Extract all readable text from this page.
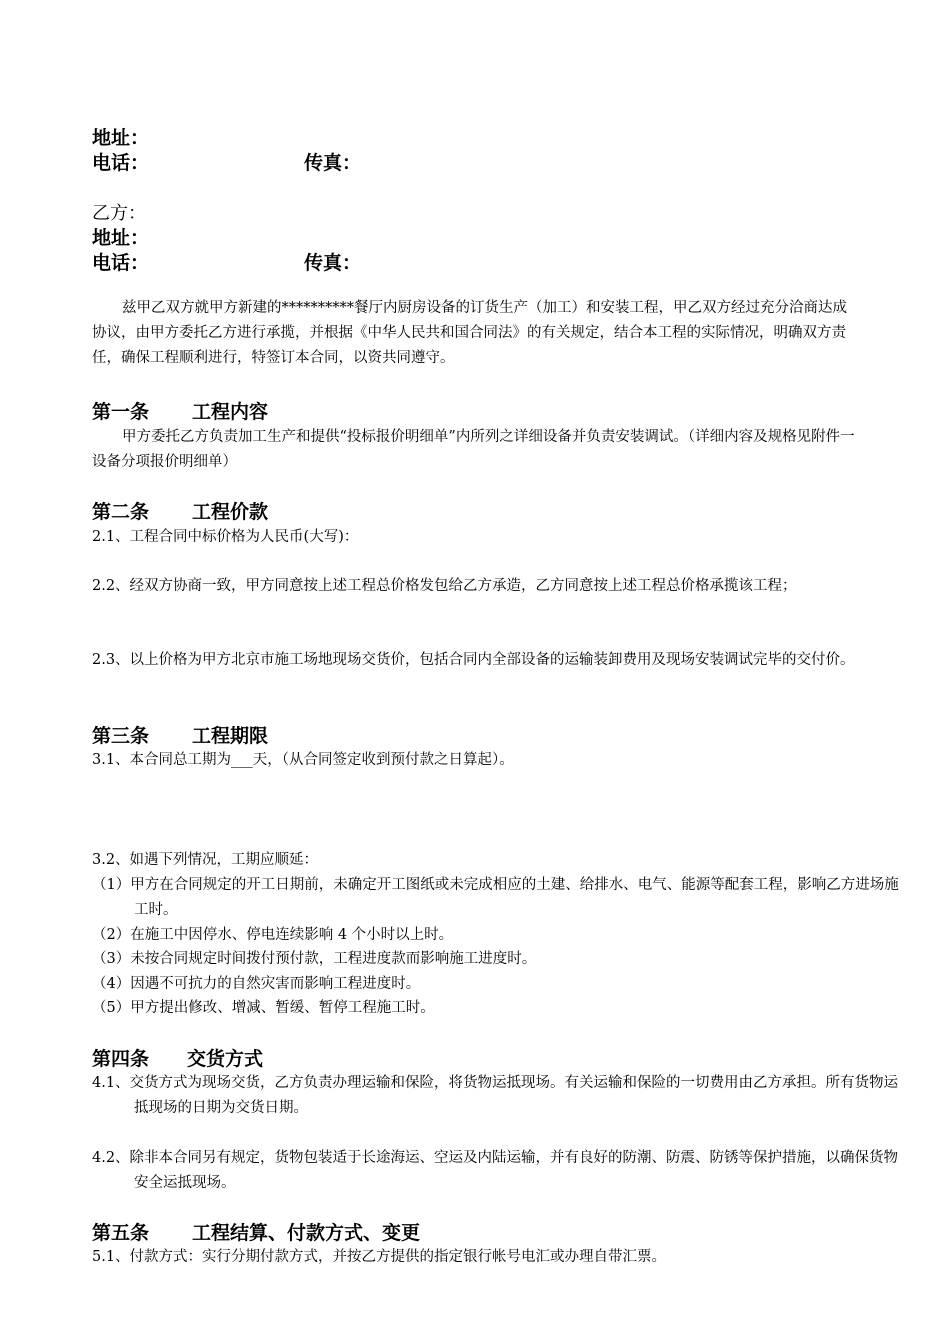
地址：
电话：	传真：
乙方：
地址：
电话：	传真：
兹甲乙双方就甲方新建的**********餐厅内厨房设备的订货生产（加工）和安装工程，甲乙双方经过充分洽商达成协议，由甲方委托乙方进行承揽，并根据《中华人民共和国合同法》的有关规定，结合本工程的实际情况，明确双方责任，确保工程顺利进行，特签订本合同，以资共同遵守。
第一条 工程内容
甲方委托乙方负责加工生产和提供“投标报价明细单”内所列之详细设备并负责安装调试。（详细内容及规格见附件一设备分项报价明细单）
第二条 工程价款
2.1、工程合同中标价格为人民币(大写)：
2.2、经双方协商一致，甲方同意按上述工程总价格发包给乙方承造，乙方同意按上述工程总价格承揽该工程；
2.3、以上价格为甲方北京市施工场地现场交货价，包括合同内全部设备的运输装卸费用及现场安装调试完毕的交付价。
第三条 工程期限
3.1、本合同总工期为___天，（从合同签定收到预付款之日算起）。
3.2、如遇下列情况，工期应顺延：
（1）甲方在合同规定的开工日期前，未确定开工图纸或未完成相应的土建、给排水、电气、能源等配套工程，影响乙方进场施工时。
（2）在施工中因停水、停电连续影响 4 个小时以上时。
（3）未按合同规定时间拨付预付款，工程进度款而影响施工进度时。
（4）因遇不可抗力的自然灾害而影响工程进度时。
（5）甲方提出修改、增减、暂缓、暂停工程施工时。
第四条 交货方式
4.1、交货方式为现场交货，乙方负责办理运输和保险，将货物运抵现场。有关运输和保险的一切费用由乙方承担。所有货物运抵现场的日期为交货日期。
4.2、除非本合同另有规定，货物包装适于长途海运、空运及内陆运输，并有良好的防潮、防震、防锈等保护措施，以确保货物安全运抵现场。
第五条 工程结算、付款方式、变更
5.1、付款方式：实行分期付款方式，并按乙方提供的指定银行帐号电汇或办理自带汇票。
